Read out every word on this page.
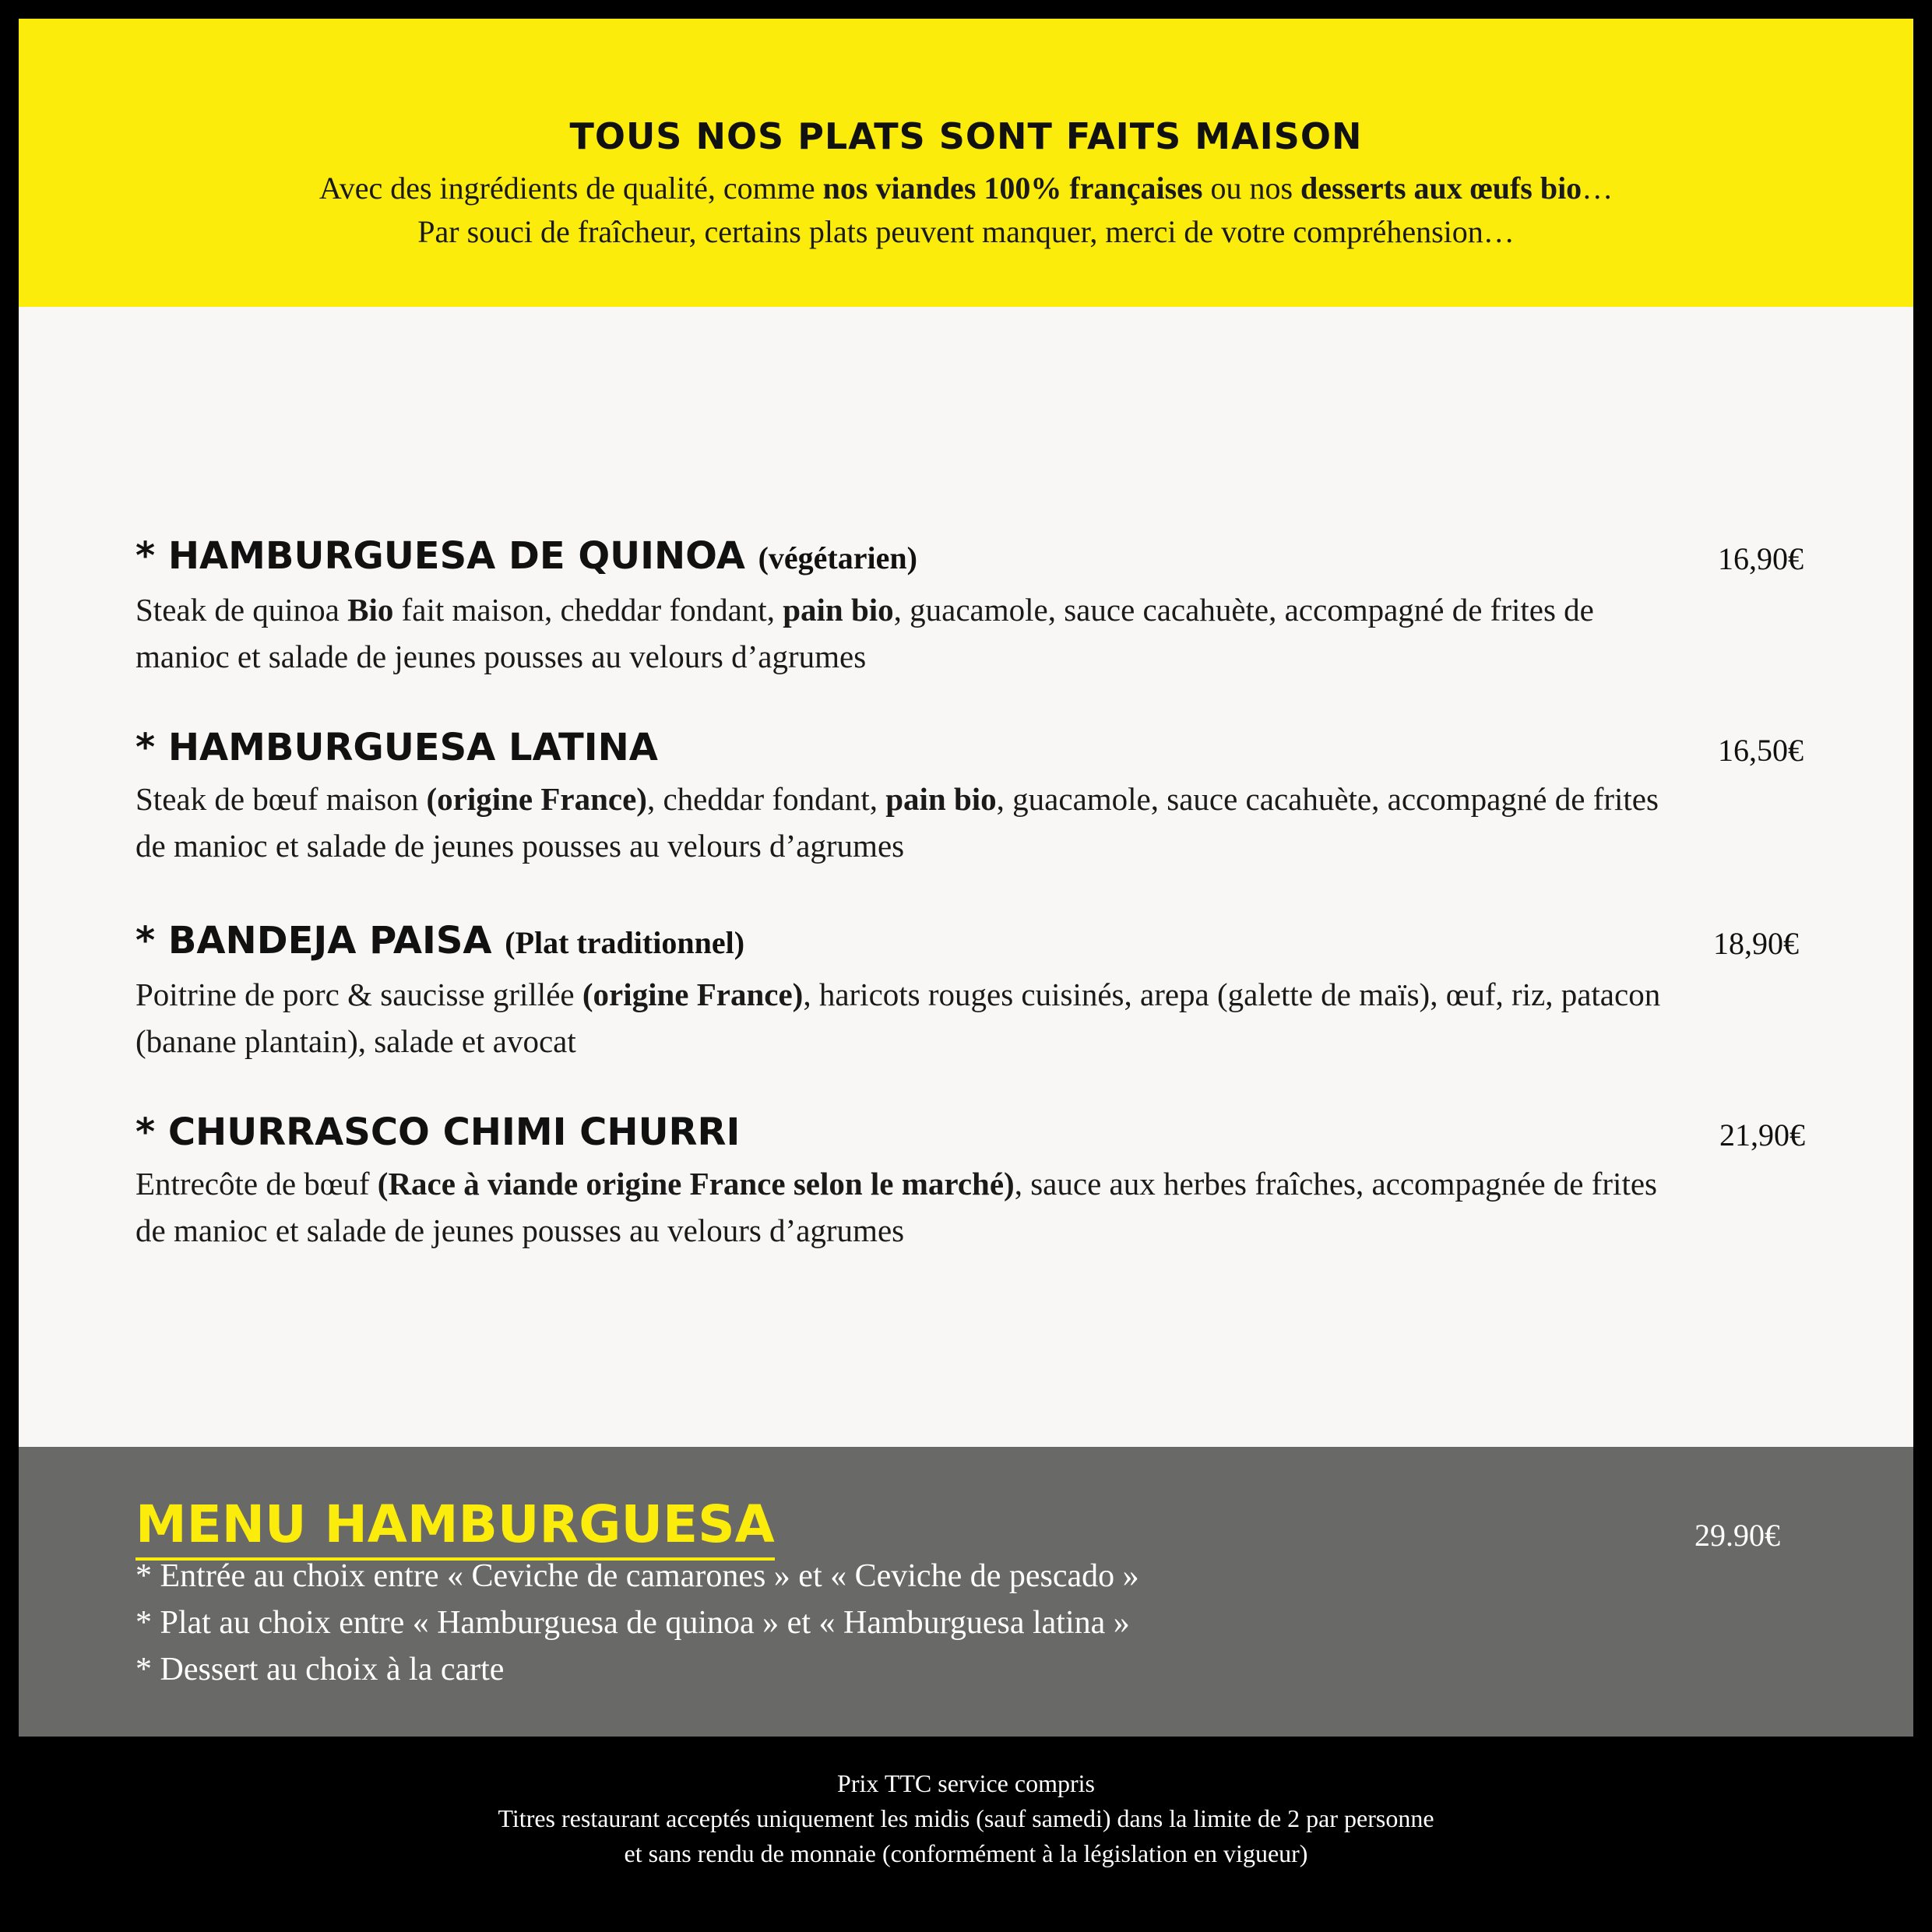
TOUS NOS PLATS SONT FAITS MAISON
Avec des ingrédients de qualité, comme nos viandes 100% françaises ou nos desserts aux œufs bio…
Par souci de fraîcheur, certains plats peuvent manquer, merci de votre compréhension…
* HAMBURGUESA DE QUINOA (végétarien)	16,90€
Steak de quinoa Bio fait maison, cheddar fondant, pain bio, guacamole, sauce cacahuète, accompagné de frites de manioc et salade de jeunes pousses au velours d’agrumes
* HAMBURGUESA LATINA	16,50€
Steak de bœuf maison (origine France), cheddar fondant, pain bio, guacamole, sauce cacahuète, accompagné de frites de manioc et salade de jeunes pousses au velours d’agrumes
* BANDEJA PAISA (Plat traditionnel)	18,90€
Poitrine de porc & saucisse grillée (origine France), haricots rouges cuisinés, arepa (galette de maïs), œuf, riz, patacon (banane plantain), salade et avocat
* CHURRASCO CHIMI CHURRI	21,90€
Entrecôte de bœuf (Race à viande origine France selon le marché), sauce aux herbes fraîches, accompagnée de frites de manioc et salade de jeunes pousses au velours d’agrumes
MENU HAMBURGUESA	29.90€
* Entrée au choix entre « Ceviche de camarones » et « Ceviche de pescado »
* Plat au choix entre « Hamburguesa de quinoa » et « Hamburguesa latina »
* Dessert au choix à la carte
Prix TTC service compris
Titres restaurant acceptés uniquement les midis (sauf samedi) dans la limite de 2 par personne
et sans rendu de monnaie (conformément à la législation en vigueur)
